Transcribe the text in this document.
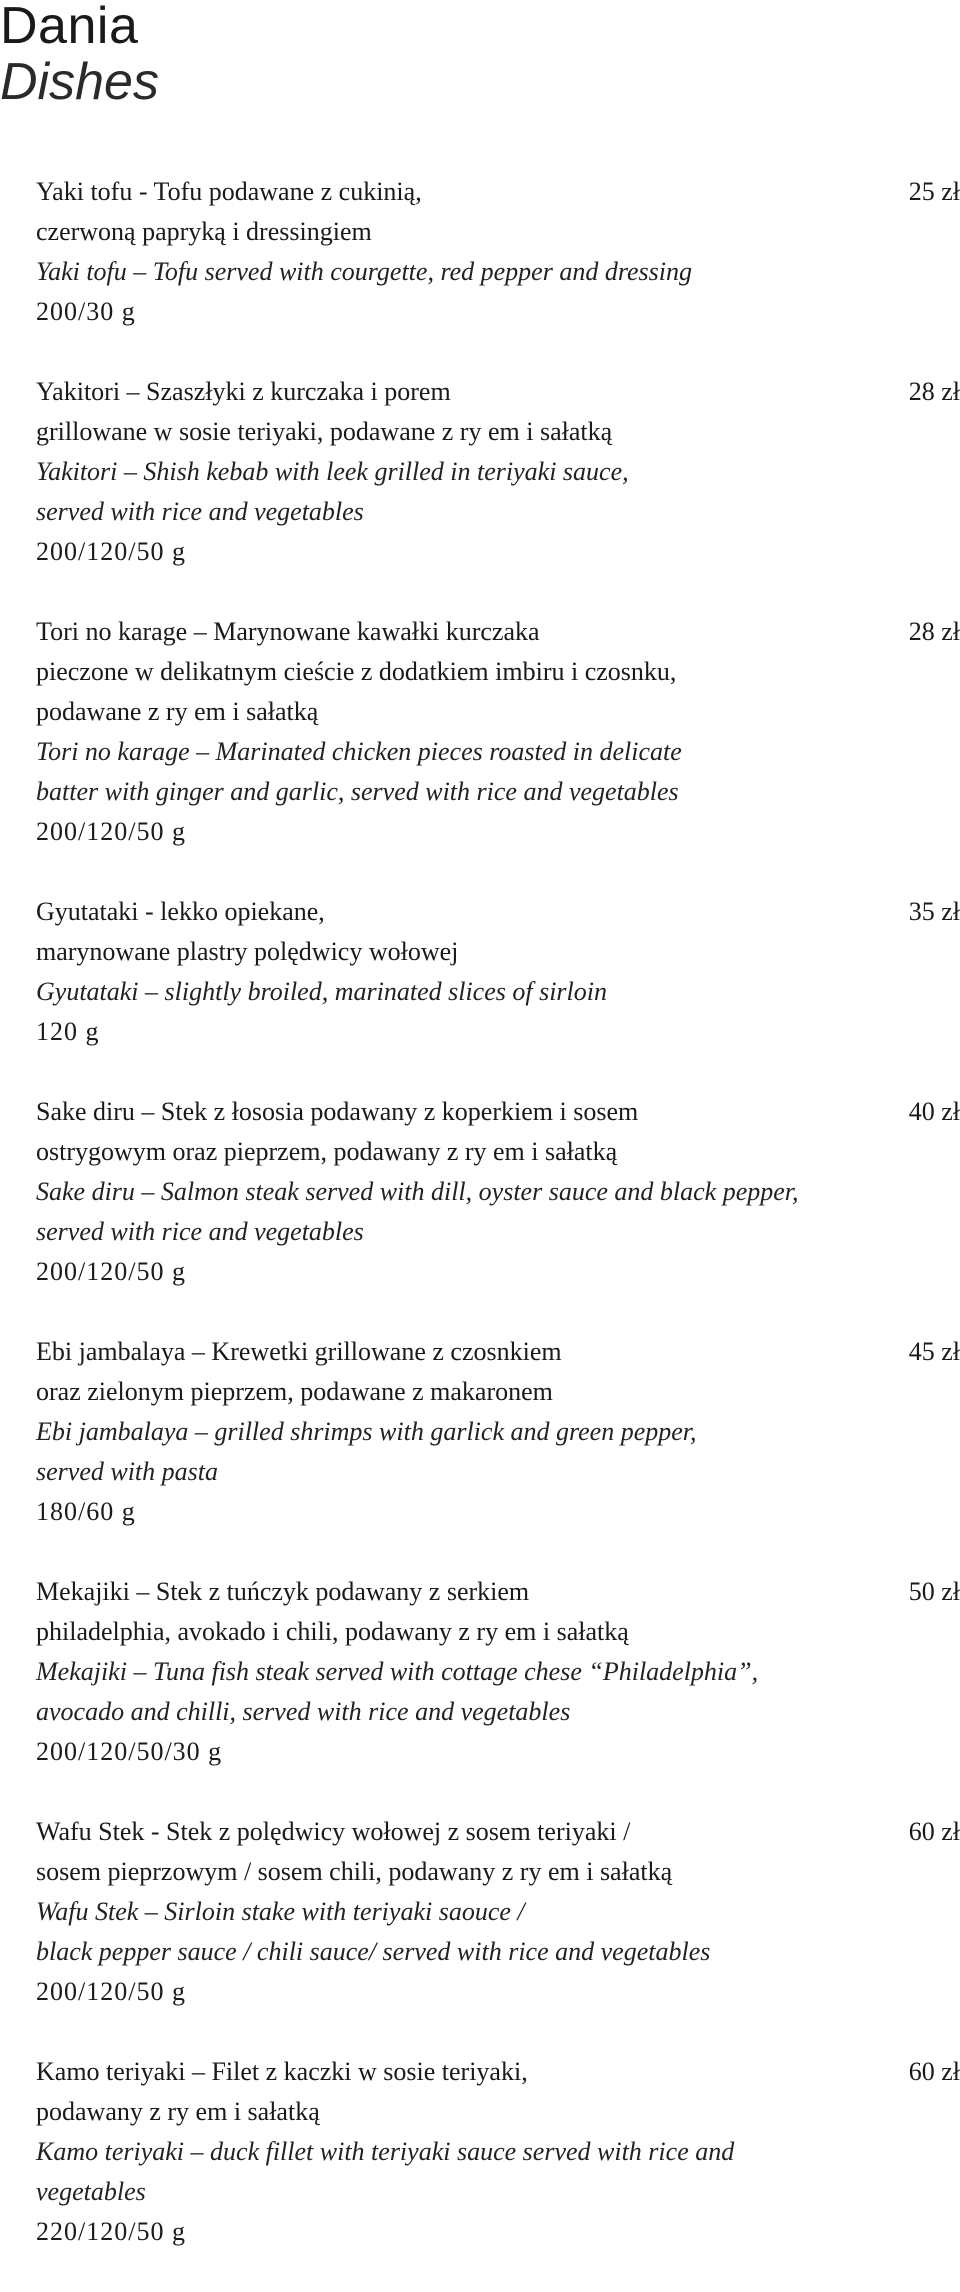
Dania
Dishes

Yaki tofu - Tofu podawane z cukinią,

czerwoną papryką i dressingiem

Yaki tofu – Tofu served with courgette, red pepper and dressing

200/30 g

25 zł

Yakitori – Szaszłyki z kurczaka i porem

grillowane w sosie teriyaki, podawane z ry em i sałatką

Yakitori – Shish kebab with leek grilled in teriyaki sauce,

served with rice and vegetables

200/120/50 g

28 zł

Tori no karage – Marynowane kawałki kurczaka

pieczone w delikatnym cieście z dodatkiem imbiru i czosnku,

podawane z ry em i sałatką

Tori no karage – Marinated chicken pieces roasted in delicate

batter with ginger and garlic, served with rice and vegetables

200/120/50 g

28 zł

Gyutataki - lekko opiekane,

marynowane plastry polędwicy wołowej

Gyutataki – slightly broiled, marinated slices of sirloin

120 g

35 zł

Sake diru – Stek z łososia podawany z koperkiem i sosem

ostrygowym oraz pieprzem, podawany z ry em i sałatką

Sake diru – Salmon steak served with dill, oyster sauce and black pepper,

served with rice and vegetables

200/120/50 g

40 zł

Ebi jambalaya – Krewetki grillowane z czosnkiem

oraz zielonym pieprzem, podawane z makaronem

Ebi jambalaya – grilled shrimps with garlick and green pepper,

served with pasta

180/60 g

45 zł

Mekajiki – Stek z tuńczyk podawany z serkiem

philadelphia, avokado i chili, podawany z ry em i sałatką

Mekajiki – Tuna fish steak served with cottage chese “Philadelphia”,

avocado and chilli, served with rice and vegetables

200/120/50/30 g

50 zł

Wafu Stek - Stek z polędwicy wołowej z sosem teriyaki /

sosem pieprzowym / sosem chili, podawany z ry em i sałatką

Wafu Stek – Sirloin stake with teriyaki saouce /

black pepper sauce / chili sauce/ served with rice and vegetables

200/120/50 g

60 zł

Kamo teriyaki – Filet z kaczki w sosie teriyaki,

podawany z ry em i sałatką

Kamo teriyaki – duck fillet with teriyaki sauce served with rice and

vegetables

220/120/50 g

60 zł
